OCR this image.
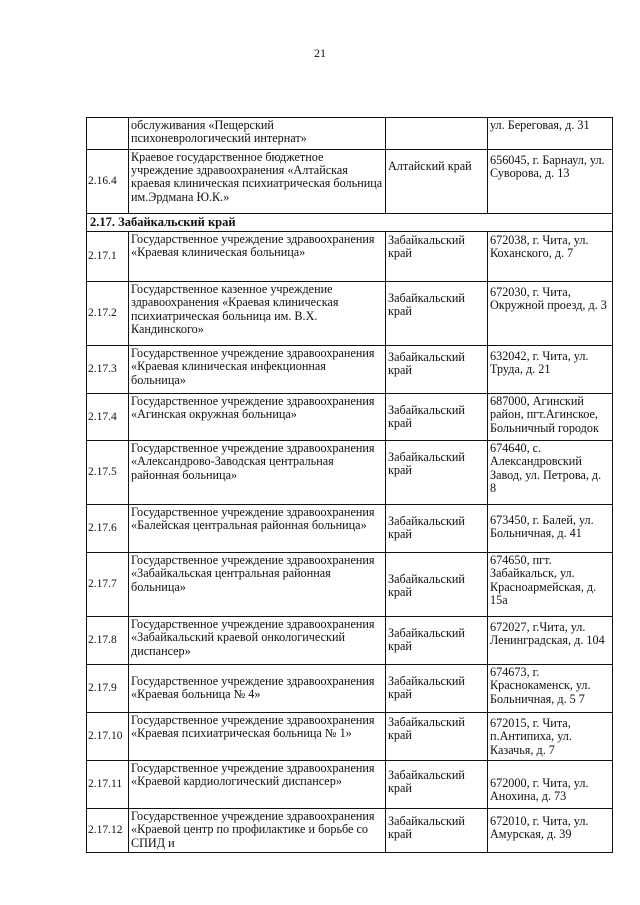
21
	обслуживания «Пещерский психоневрологический интернат»		ул. Береговая, д. 31
2.16.4	Краевое государственное бюджетное учреждение здравоохранения «Алтайская краевая клиническая психиатрическая больница им.Эрдмана Ю.К.»	Алтайский край	656045, г. Барнаул, ул. Суворова, д. 13
2.17. Забайкальский край			
2.17.1	Государственное учреждение здравоохранения «Краевая клиническая больница»	Забайкальский край	672038, г. Чита, ул. Коханского, д. 7
2.17.2	Государственное казенное учреждение здравоохранения «Краевая клиническая психиатрическая больница им. В.Х. Кандинского»	Забайкальский край	672030, г. Чита, Окружной проезд, д. 3
2.17.3	Государственное учреждение здравоохранения «Краевая клиническая инфекционная больница»	Забайкальский край	632042, г. Чита, ул. Труда, д. 21
2.17.4	Государственное учреждение здравоохранения «Агинская окружная больница»	Забайкальский край	687000, Агинский район, пгт.Агинское, Больничный городок
2.17.5	Государственное учреждение здравоохранения «Александрово-Заводская центральная районная больница»	Забайкальский край	674640, с. Александровский Завод, ул. Петрова, д. 8
2.17.6	Государственное учреждение здравоохранения «Балейская центральная районная больница»	Забайкальский край	673450, г. Балей, ул. Больничная, д. 41
2.17.7	Государственное учреждение здравоохранения «Забайкальская центральная районная больница»	Забайкальский край	674650, пгт. Забайкальск, ул. Красноармейская, д. 15а
2.17.8	Государственное учреждение здравоохранения «Забайкальский краевой онкологический диспансер»	Забайкальский край	672027, г.Чита, ул. Ленинградская, д. 104
2.17.9	Государственное учреждение здравоохранения «Краевая больница № 4»	Забайкальский край	674673, г. Краснокаменск, ул. Больничная, д. 5 7
2.17.10	Государственное учреждение здравоохранения «Краевая психиатрическая больница № 1»	Забайкальский край	672015, г. Чита, п.Антипиха, ул. Казачья, д. 7
2.17.11	Государственное учреждение здравоохранения «Краевой кардиологический диспансер»	Забайкальский край	672000, г. Чита, ул. Анохина, д. 73
2.17.12	Государственное учреждение здравоохранения «Краевой центр по профилактике и борьбе со СПИД и	Забайкальский край	672010, г. Чита, ул. Амурская, д. 39
